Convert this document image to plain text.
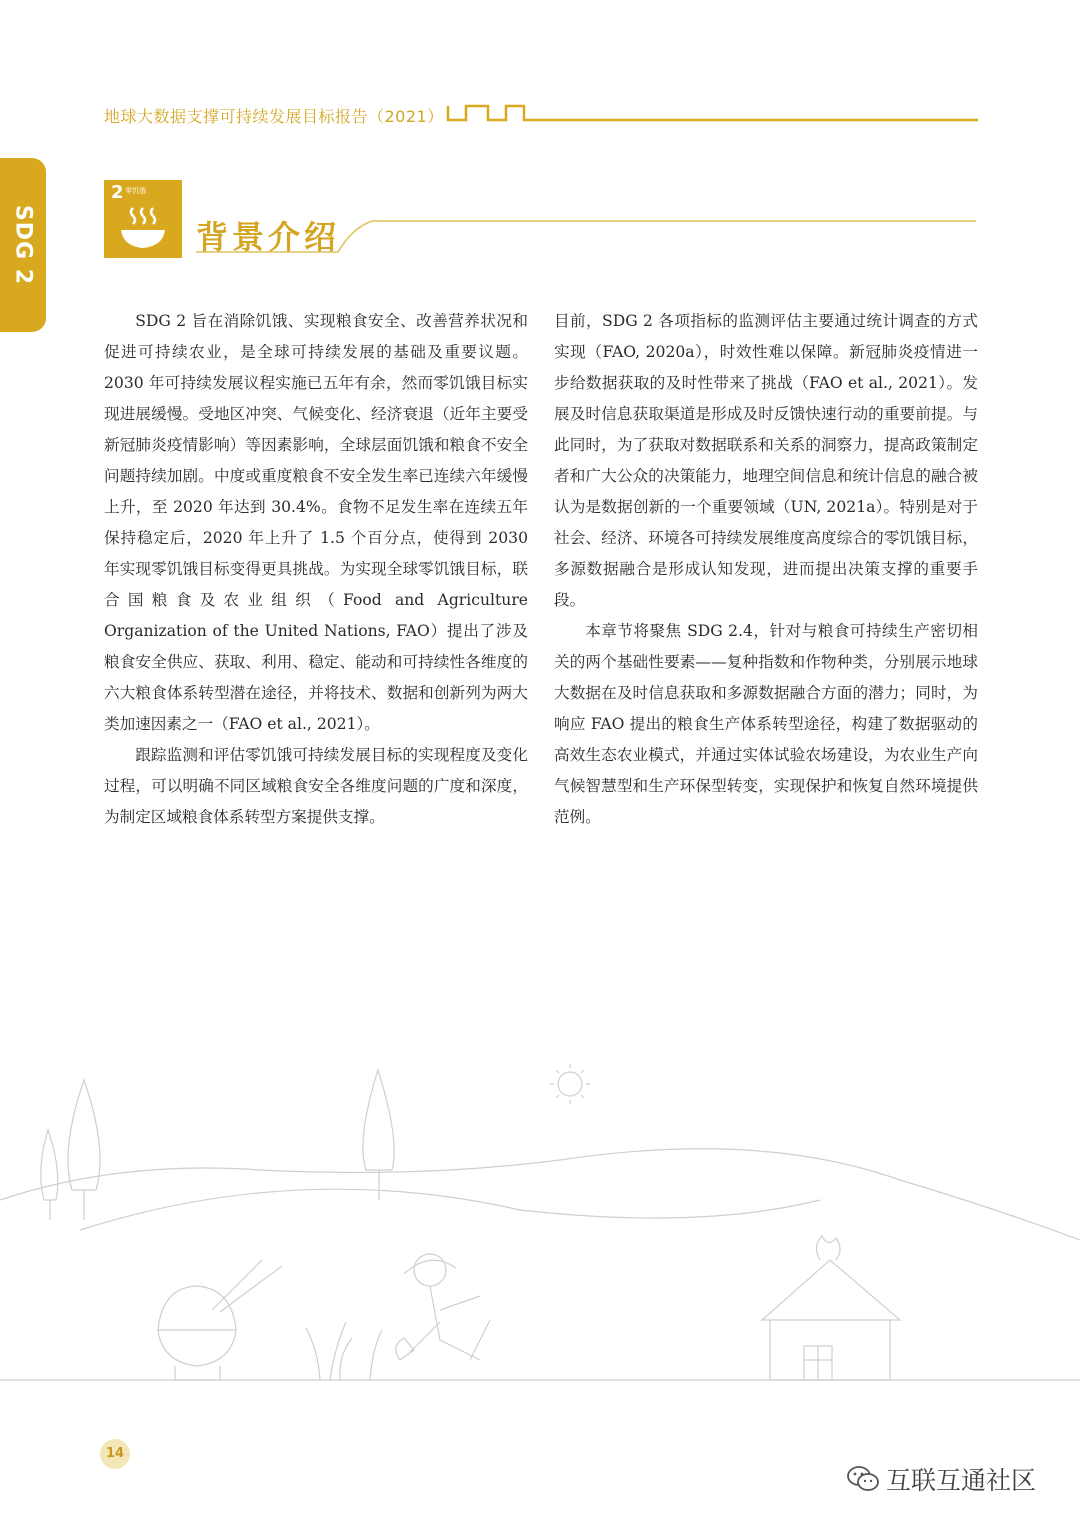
地球大数据支撑可持续发展目标报告（2021）
SDG 2
2 零饥饿
背景介绍

SDG 2 旨在消除饥饿、实现粮食安全、改善营养状况和促进可持续农业，是全球可持续发展的基础及重要议题。2030 年可持续发展议程实施已五年有余，然而零饥饿目标实现进展缓慢。受地区冲突、气候变化、经济衰退（近年主要受新冠肺炎疫情影响）等因素影响，全球层面饥饿和粮食不安全问题持续加剧。中度或重度粮食不安全发生率已连续六年缓慢上升，至 2020 年达到 30.4%。食物不足发生率在连续五年保持稳定后，2020 年上升了 1.5 个百分点，使得到 2030 年实现零饥饿目标变得更具挑战。为实现全球零饥饿目标，联合国粮食及农业组织（Food and Agriculture Organization of the United Nations, FAO）提出了涉及粮食安全供应、获取、利用、稳定、能动和可持续性各维度的六大粮食体系转型潜在途径，并将技术、数据和创新列为两大类加速因素之一（FAO et al., 2021）。

跟踪监测和评估零饥饿可持续发展目标的实现程度及变化过程，可以明确不同区域粮食安全各维度问题的广度和深度，为制定区域粮食体系转型方案提供支撑。

目前，SDG 2 各项指标的监测评估主要通过统计调查的方式实现（FAO, 2020a），时效性难以保障。新冠肺炎疫情进一步给数据获取的及时性带来了挑战（FAO et al., 2021）。发展及时信息获取渠道是形成及时反馈快速行动的重要前提。与此同时，为了获取对数据联系和关系的洞察力，提高政策制定者和广大公众的决策能力，地理空间信息和统计信息的融合被认为是数据创新的一个重要领域（UN, 2021a）。特别是对于社会、经济、环境各可持续发展维度高度综合的零饥饿目标，多源数据融合是形成认知发现，进而提出决策支撑的重要手段。

本章节将聚焦 SDG 2.4，针对与粮食可持续生产密切相关的两个基础性要素——复种指数和作物种类，分别展示地球大数据在及时信息获取和多源数据融合方面的潜力；同时，为响应 FAO 提出的粮食生产体系转型途径，构建了数据驱动的高效生态农业模式，并通过实体试验农场建设，为农业生产向气候智慧型和生产环保型转变，实现保护和恢复自然环境提供范例。

14
互联互通社区
